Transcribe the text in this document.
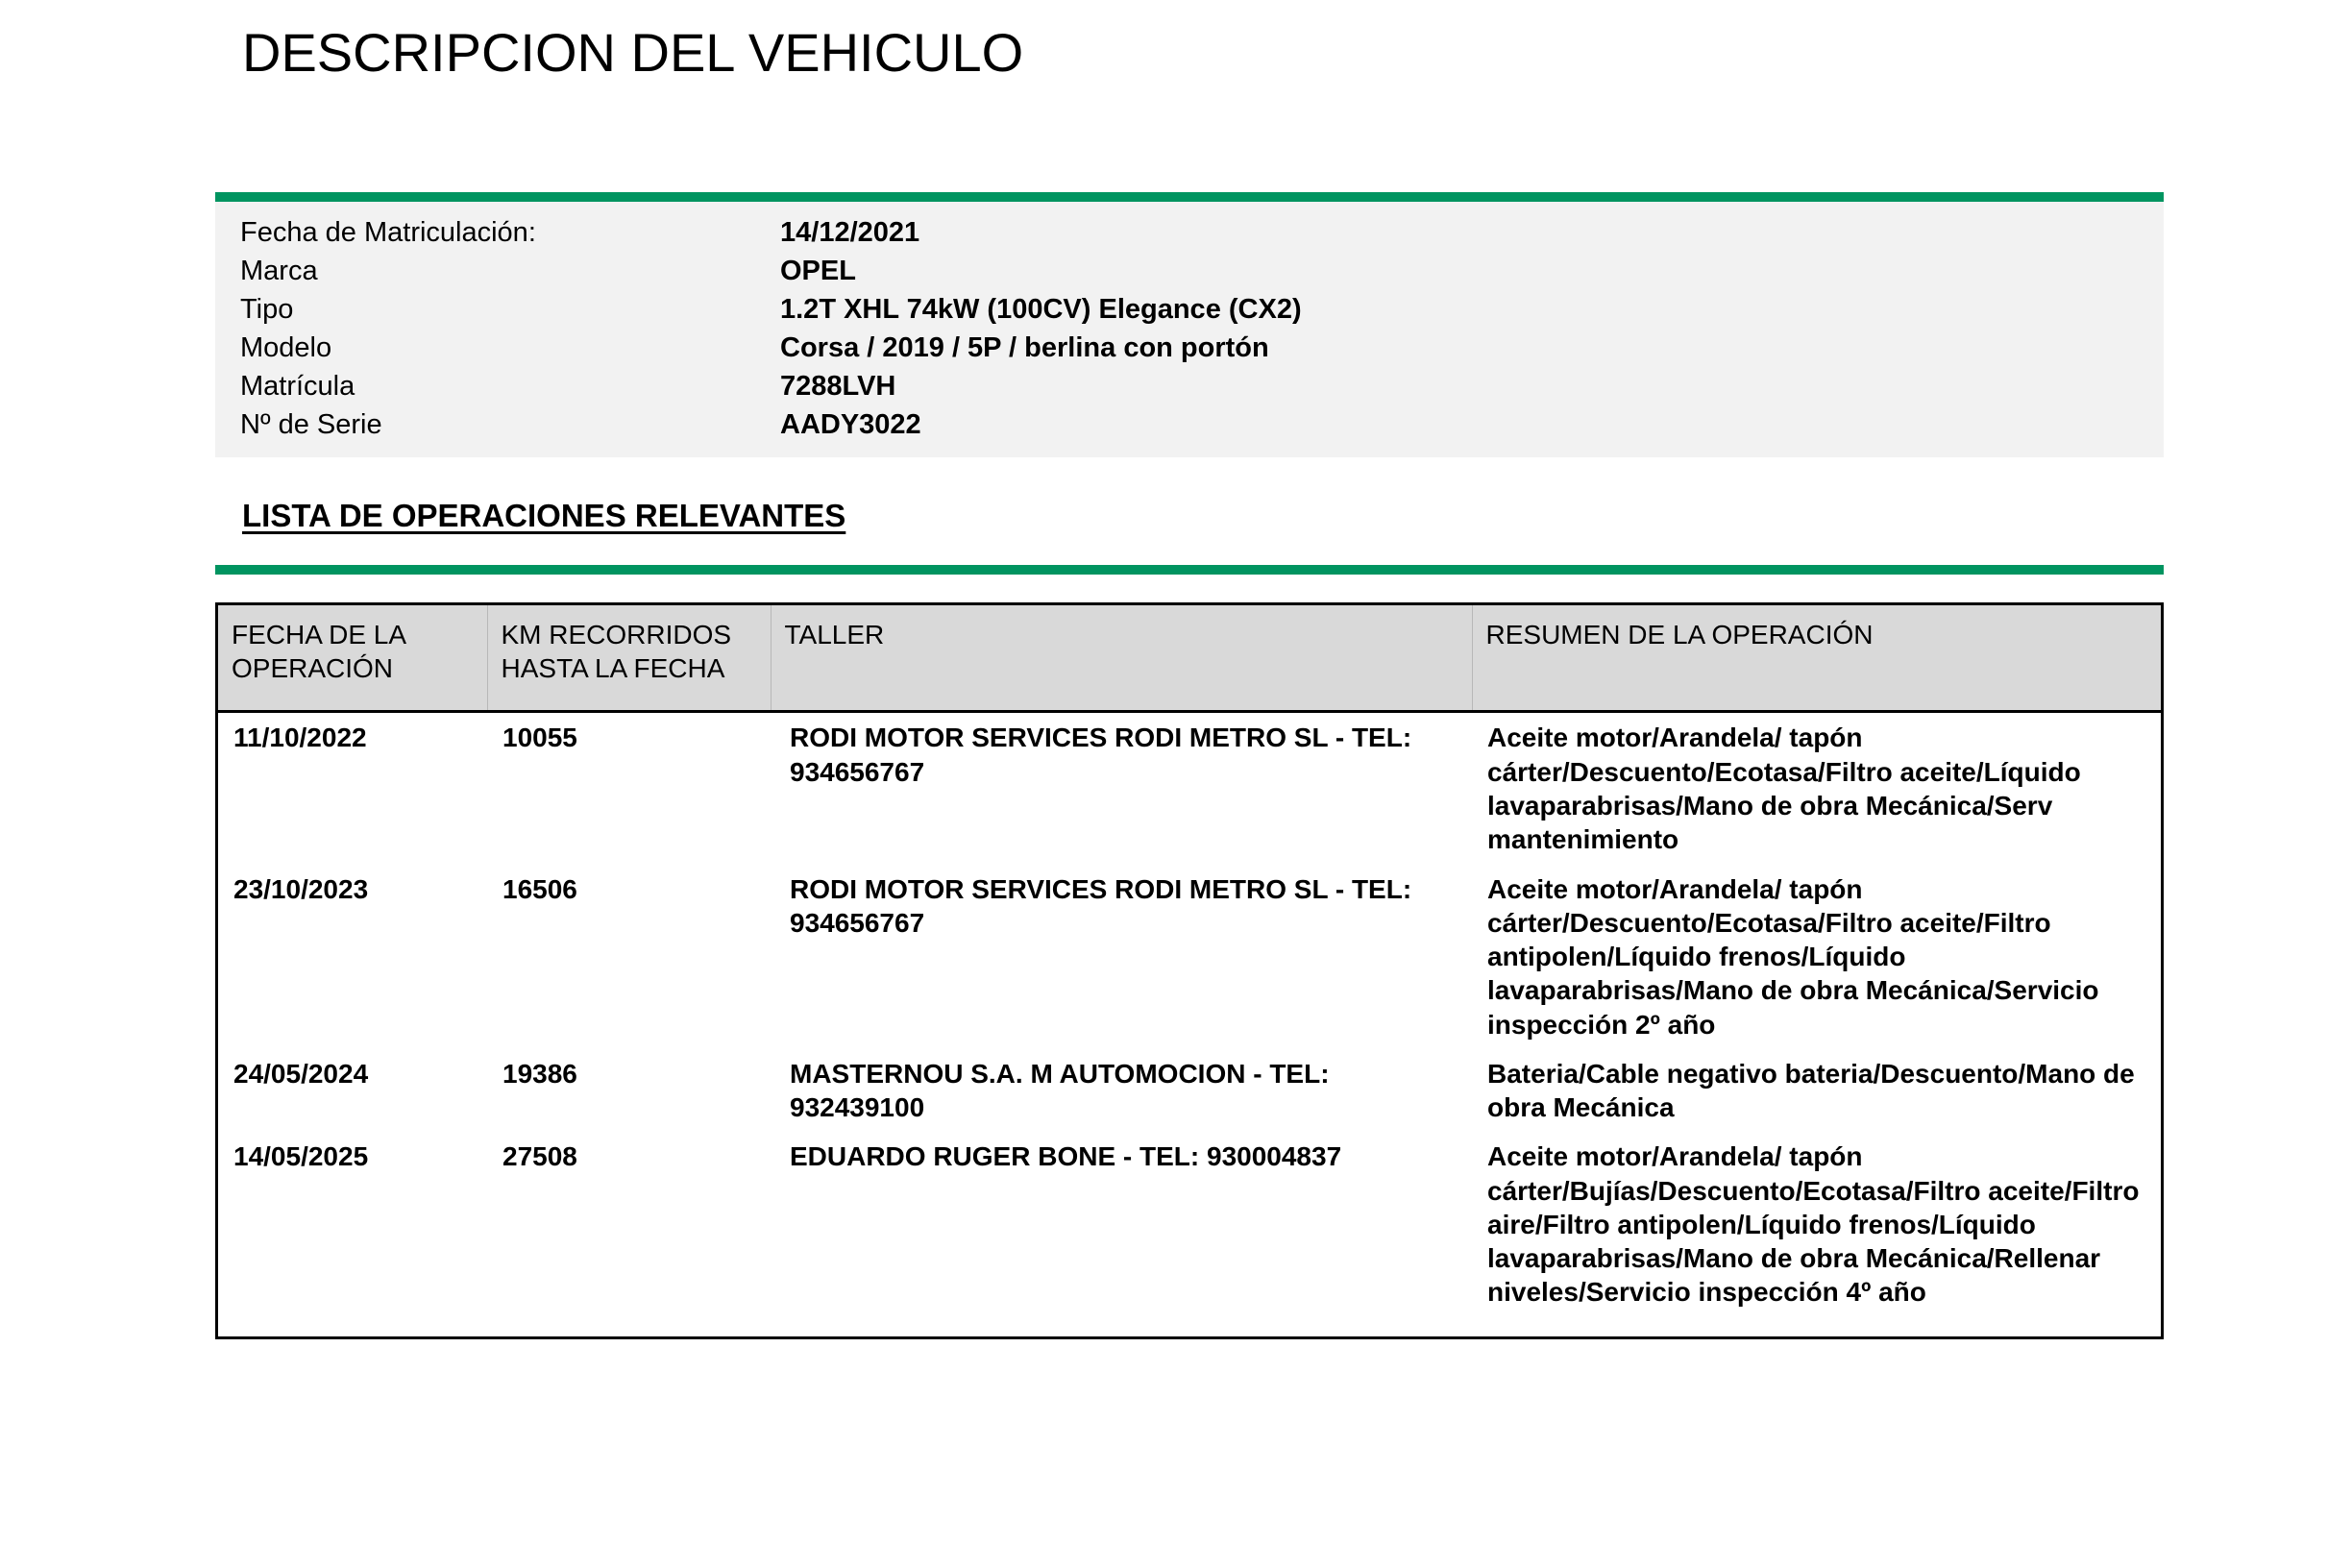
DESCRIPCION DEL VEHICULO
Fecha de Matriculación:	14/12/2021
Marca	OPEL
Tipo	1.2T XHL 74kW (100CV) Elegance (CX2)
Modelo	Corsa / 2019 / 5P / berlina con portón
Matrícula	7288LVH
Nº de Serie	AADY3022
LISTA DE OPERACIONES RELEVANTES
FECHA DE LA OPERACIÓN	KM RECORRIDOS HASTA LA FECHA	TALLER	RESUMEN DE LA OPERACIÓN
11/10/2022	10055	RODI MOTOR SERVICES RODI METRO SL - TEL: 934656767	Aceite motor/Arandela/ tapón cárter/Descuento/Ecotasa/Filtro aceite/Líquido lavaparabrisas/Mano de obra Mecánica/Serv mantenimiento
23/10/2023	16506	RODI MOTOR SERVICES RODI METRO SL - TEL: 934656767	Aceite motor/Arandela/ tapón cárter/Descuento/Ecotasa/Filtro aceite/Filtro antipolen/Líquido frenos/Líquido lavaparabrisas/Mano de obra Mecánica/Servicio inspección 2º año
24/05/2024	19386	MASTERNOU S.A. M AUTOMOCION - TEL: 932439100	Bateria/Cable negativo bateria/Descuento/Mano de obra Mecánica
14/05/2025	27508	EDUARDO RUGER BONE - TEL: 930004837	Aceite motor/Arandela/ tapón cárter/Bujías/Descuento/Ecotasa/Filtro aceite/Filtro aire/Filtro antipolen/Líquido frenos/Líquido lavaparabrisas/Mano de obra Mecánica/Rellenar niveles/Servicio inspección 4º año
